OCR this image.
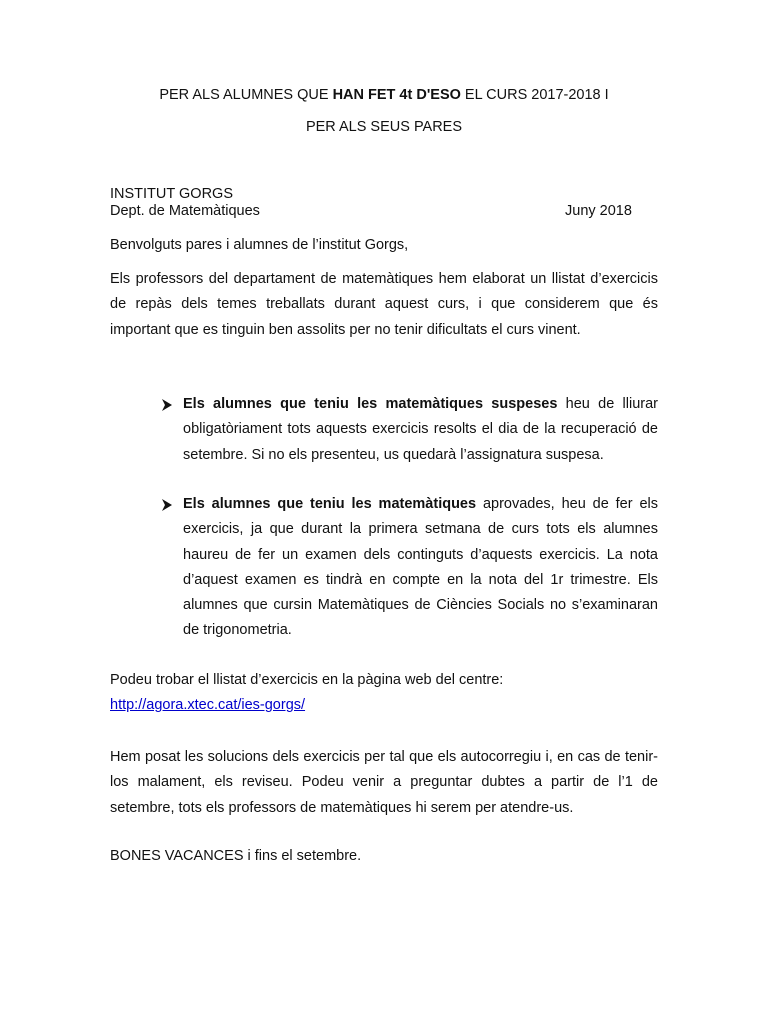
PER ALS ALUMNES QUE HAN FET 4t D'ESO EL CURS 2017-2018 I
PER ALS SEUS PARES
INSTITUT GORGS
Dept. de Matemàtiques	Juny 2018
Benvolguts pares i alumnes de l’institut Gorgs,
Els professors del departament de matemàtiques hem elaborat un llistat d’exercicis de repàs dels temes treballats durant aquest curs, i que considerem que és important que es tinguin ben assolits per no tenir dificultats el curs vinent.
Els alumnes que teniu les matemàtiques suspeses heu de lliurar obligatòriament tots aquests exercicis resolts el dia de la recuperació de setembre. Si no els presenteu, us quedarà l’assignatura suspesa.
Els alumnes que teniu les matemàtiques aprovades, heu de fer els exercicis, ja que durant la primera setmana de curs tots els alumnes haureu de fer un examen dels continguts d’aquests exercicis. La nota d’aquest examen es tindrà en compte en la nota del 1r trimestre. Els alumnes que cursin Matemàtiques de Ciències Socials no s’examinaran de trigonometria.
Podeu trobar el llistat d’exercicis en la pàgina web del centre:
http://agora.xtec.cat/ies-gorgs/
Hem posat les solucions dels exercicis per tal que els autocorregiu i, en cas de tenir-los malament, els reviseu. Podeu venir a preguntar dubtes a partir de l’1 de setembre, tots els professors de matemàtiques hi serem per atendre-us.
BONES VACANCES i fins el setembre.
